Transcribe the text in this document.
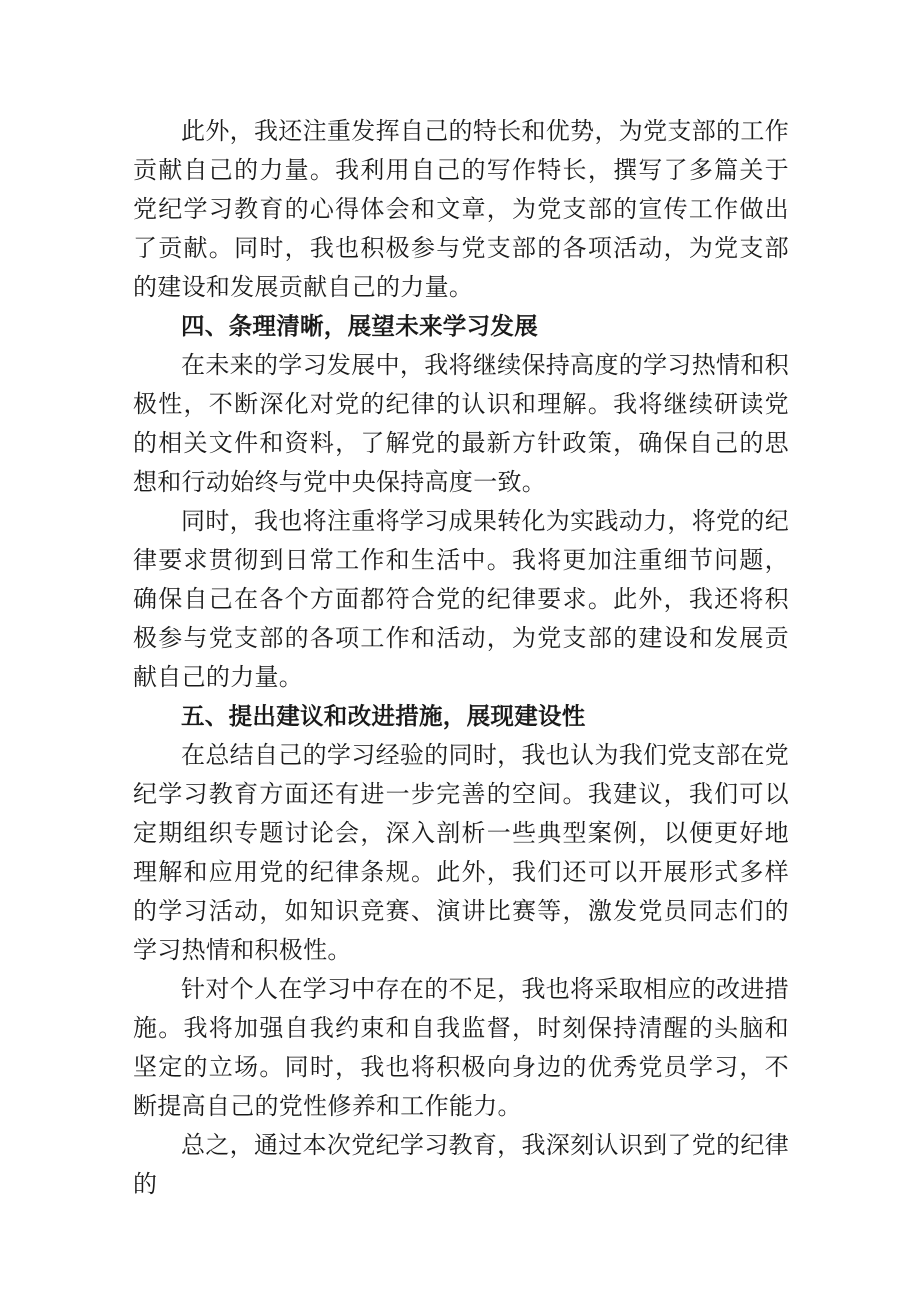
此外，我还注重发挥自己的特长和优势，为党支部的工作贡献自己的力量。我利用自己的写作特长，撰写了多篇关于党纪学习教育的心得体会和文章，为党支部的宣传工作做出了贡献。同时，我也积极参与党支部的各项活动，为党支部的建设和发展贡献自己的力量。

四、条理清晰，展望未来学习发展

在未来的学习发展中，我将继续保持高度的学习热情和积极性，不断深化对党的纪律的认识和理解。我将继续研读党的相关文件和资料，了解党的最新方针政策，确保自己的思想和行动始终与党中央保持高度一致。

同时，我也将注重将学习成果转化为实践动力，将党的纪律要求贯彻到日常工作和生活中。我将更加注重细节问题，确保自己在各个方面都符合党的纪律要求。此外，我还将积极参与党支部的各项工作和活动，为党支部的建设和发展贡献自己的力量。

五、提出建议和改进措施，展现建设性

在总结自己的学习经验的同时，我也认为我们党支部在党纪学习教育方面还有进一步完善的空间。我建议，我们可以定期组织专题讨论会，深入剖析一些典型案例，以便更好地理解和应用党的纪律条规。此外，我们还可以开展形式多样的学习活动，如知识竞赛、演讲比赛等，激发党员同志们的学习热情和积极性。

针对个人在学习中存在的不足，我也将采取相应的改进措施。我将加强自我约束和自我监督，时刻保持清醒的头脑和坚定的立场。同时，我也将积极向身边的优秀党员学习，不断提高自己的党性修养和工作能力。

总之，通过本次党纪学习教育，我深刻认识到了党的纪律的
